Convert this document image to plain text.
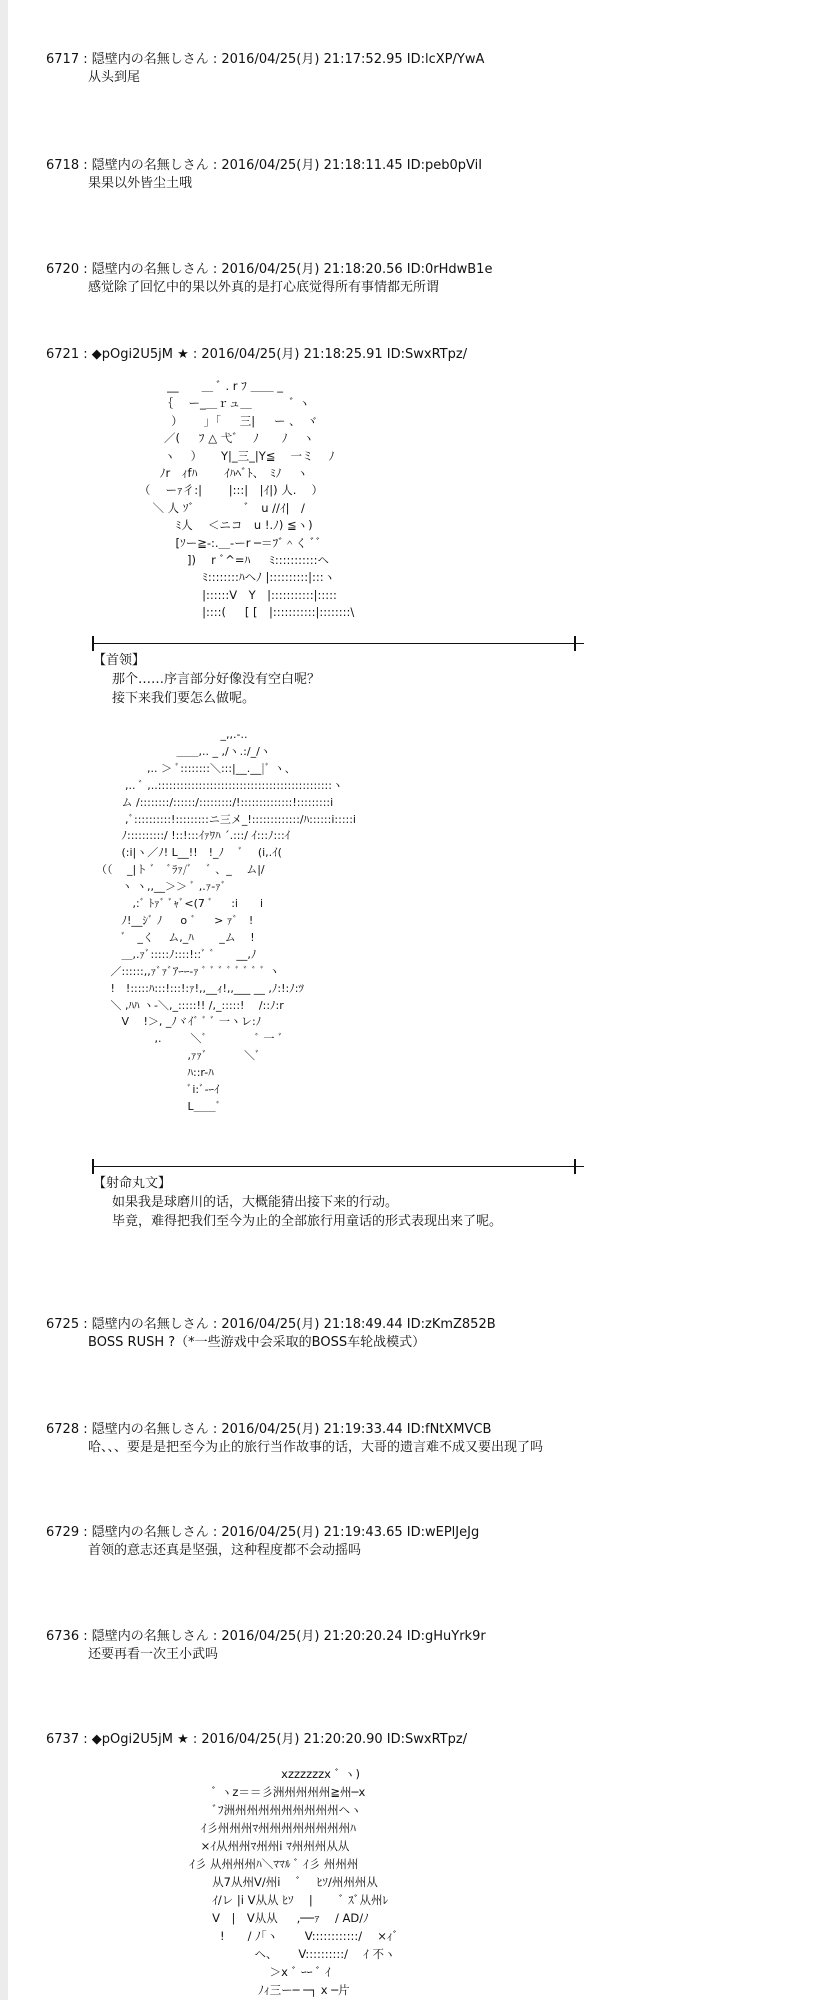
6717 : 隠壁内の名無しさん : 2016/04/25(月) 21:17:52.95 ID:lcXP/YwA
从头到尾
6718 : 隠壁内の名無しさん : 2016/04/25(月) 21:18:11.45 ID:peb0pViI
果果以外皆尘土哦
6720 : 隠壁内の名無しさん : 2016/04/25(月) 21:18:20.56 ID:0rHdwB1e
感觉除了回忆中的果以外真的是打心底觉得所有事情都无所谓
6721 : ◆pOgi2U5jM ★ : 2016/04/25(月) 21:18:25.91 ID:SwxRTpz/
　 　 　 __　　＿ ﾞ . r ﾌ ＿＿ _
　　　 　｛　 ー_＿ｒュ＿　　　 ﾞ ヽ
　　　 　 ）　　 」｢ 　 三| 　 ー 、　ヾ
　　　　／( 　 ﾌ △ 弋ﾞ　 ﾉ　　ﾉ 　ヽ
　　　　ヽ　 ） 　 Y|_三_|Y≦ 　一ミ 　ﾉ
　 　 　ﾉr　ｨfﾊ　　 ｲﾊﾍﾞﾄ、　ﾐﾉ 　ヽ
　 　（　 ーｧ彳:|　　 |:::|　|ｲ|) 人.　 ）
　　　＼ 人 ｿﾞ 　　　　ﾞ　u //ｲ|　/
　　　　　ﾐ人 　＜ニコ　u !.ﾉ) ≦ヽ)
　　　　　[ｿー≧-:.＿-ーr ─＝ﾌﾞ＾く ﾞﾞ
　　　　　　]) 　r ﾞ^=ﾊ 　 ﾐ:::::::::::ヘ
　　　　　　　 ﾐ::::::::ﾊヘﾉ |::::::::::|:::ヽ
　　　　　　　 |::::::V　Y　|:::::::::::|:::::
　　　　　　　 |::::( 　 [ [　|:::::::::::|::::::::\
【首领】
那个……序言部分好像没有空白呢？
接下来我们要怎么做呢。
　　　　　　　　　　　 _,,.-..
　　　　　　　 ＿＿,.. _ ,/ヽ.:/_/ヽ
　　　 　 ,.. ＞ ﾞ::::::::＼:::|__.__|ﾞ ヽ、
　 　 ,.. ﾞ ,..:::::::::::::::::::::::::::::::::::::::::::::::ヽ
　　 ム /::::::::/::::::/:::::::::/!::::::::::::::!:::::::::i
　 　 ,ﾞ::::::::::!:::::::::ニ三メ_!:::::::::::::/ﾊ::::::i:::::i
　　 ﾉ::::::::::/ !::!:::ｲｧﾜﾊ ´.:::/ ｲ:::ﾉ:::ｲ
　　 (:i|ヽ／ﾉ! L__!!　!_ﾉ　 ﾞ 　(i,.ｲ(
（（ 　_|ト ﾞ　ﾞﾗｧ/ﾞ　 ﾞ 、_　 ム|/
　　 ヽ ヽ,,__＞＞ ﾞ ,.ｧ-ｧﾞ
　　　 ,:ﾞ ﾄｧﾞ ﾞｬﾞ<(7 ﾞ 　 :i　　i
　　 ﾉ!__ｼﾞ ﾉ 　 o ﾞ 　 > ｧﾞ　!
　　 ﾞ　_く 　ム,_ﾊ　　 _ム 　!
　　 ＿,.ｧﾞ:::::ﾉ::::!::ﾞ ﾞ 　  __,ﾉ　
　 ／::::::,,ｧﾞｧﾞｱｰｰ-ｧ ﾞ ﾞ ﾞ ﾞ ﾞ ﾞ ﾞ ﾞ ヽ
　 !　!:::::ﾊ:::!:::!:ｧ!,,__ｨ!,,___ __ ,ﾉ:!:ﾉ:ﾂ
　 ＼ ,ﾊﾊ ヽ-＼,_:::::!! /,_:::::! 　/::ﾉ:r
　　 V 　!＞, _ﾉヾｲﾞ ﾞ ﾞ 一ヽレ:ﾉ
　　　　　 ,.　 　 ＼ﾞ 　　　　ﾞ 一 ﾞ
　　　　　　　　 ,ｧｧﾞ 　　　＼ﾞ
　　　　　　　　 ﾊ::r-ﾊ
　　　　　　　　 ﾞi:ﾞ-ｰｲ
　　　　　　　　 L＿＿ﾞ
【射命丸文】
如果我是球磨川的话，大概能猜出接下来的行动。
毕竟，难得把我们至今为止的全部旅行用童话的形式表现出来了呢。
6725 : 隠壁内の名無しさん : 2016/04/25(月) 21:18:49.44 ID:zKmZ852B
BOSS RUSH ?（*一些游戏中会采取的BOSS车轮战模式）
6728 : 隠壁内の名無しさん : 2016/04/25(月) 21:19:33.44 ID:fNtXMVCB
哈、、、要是是把至今为止的旅行当作故事的话，大哥的遗言难不成又要出现了吗
6729 : 隠壁内の名無しさん : 2016/04/25(月) 21:19:43.65 ID:wEPlJeJg
首领的意志还真是坚强，这种程度都不会动摇吗
6736 : 隠壁内の名無しさん : 2016/04/25(月) 21:20:20.24 ID:gHuYrk9r
还要再看一次王小武吗
6737 : ◆pOgi2U5jM ★ : 2016/04/25(月) 21:20:20.90 ID:SwxRTpz/
　　　　　　　　　　　　　 xzzzzzzx ﾞ ヽ)
　　　　　　　 ﾞ ヽz＝＝彡洲州州州州≧州─x
　　　　　　　 ﾞﾌ洲州州州州州州州州州ヘヽ
　　　　　　 ｲ彡州州州ﾏ州州州州州州州州ﾊ
　　　　　　 ×ｲ从州州ﾏ州州i ﾏ州州州从从
　　　　　 ｲ彡 从州州州ﾊ＼ﾏﾏﾙ ﾞ ｲ彡 州州州
　　　　　　　 从7从州V/州i 　ﾞ 　ﾋｿ/州州州从
　　　　　　　 ｲ/レ |i V从从 ﾋｿ 　|　　 ﾞ ｽﾞ从州ﾚ
　　　　　　　 V　|　V从从 　 ,──ｧ　 / AD/ﾉ
　　　　　　　　!　　/ ﾉ｢ヽ　　 V::::::::::::/ 　×ｨﾞ
　　　　　　　　　　　ヘ、　　 V::::::::::/ 　ｲ 不ヽ
　　　　　　　　　　　　 ＞x ﾞ ｰｰ ﾞ ｲ
　　　　　　　　　　　 ﾉｨ三ー─ ─┐ x ─片
